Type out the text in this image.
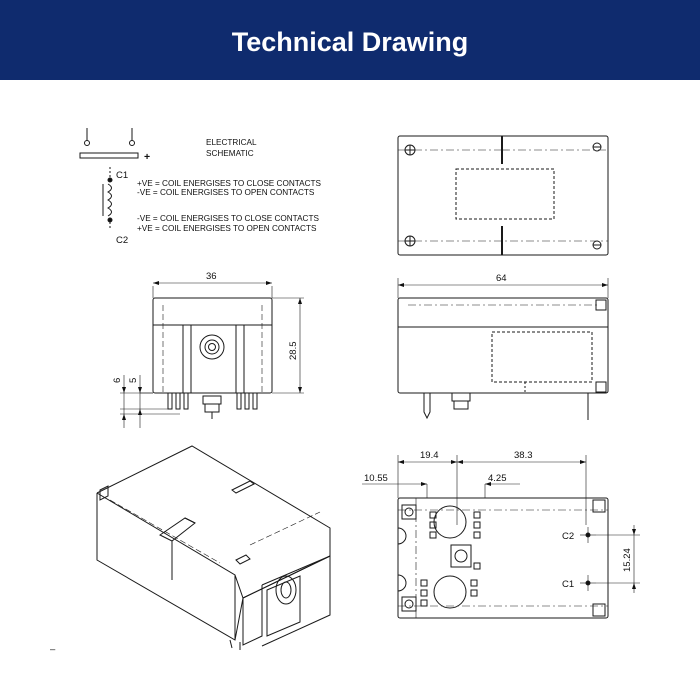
Technical Drawing
+
C1
C2
ELECTRICAL
SCHEMATIC
+VE = COIL ENERGISES TO CLOSE CONTACTS
-VE = COIL ENERGISES TO OPEN CONTACTS
-VE = COIL ENERGISES TO CLOSE CONTACTS
+VE = COIL ENERGISES TO OPEN CONTACTS
36
6 5
28.5
64
–
19.4	38.3
10.55	4.25
C2
C1
15.24
